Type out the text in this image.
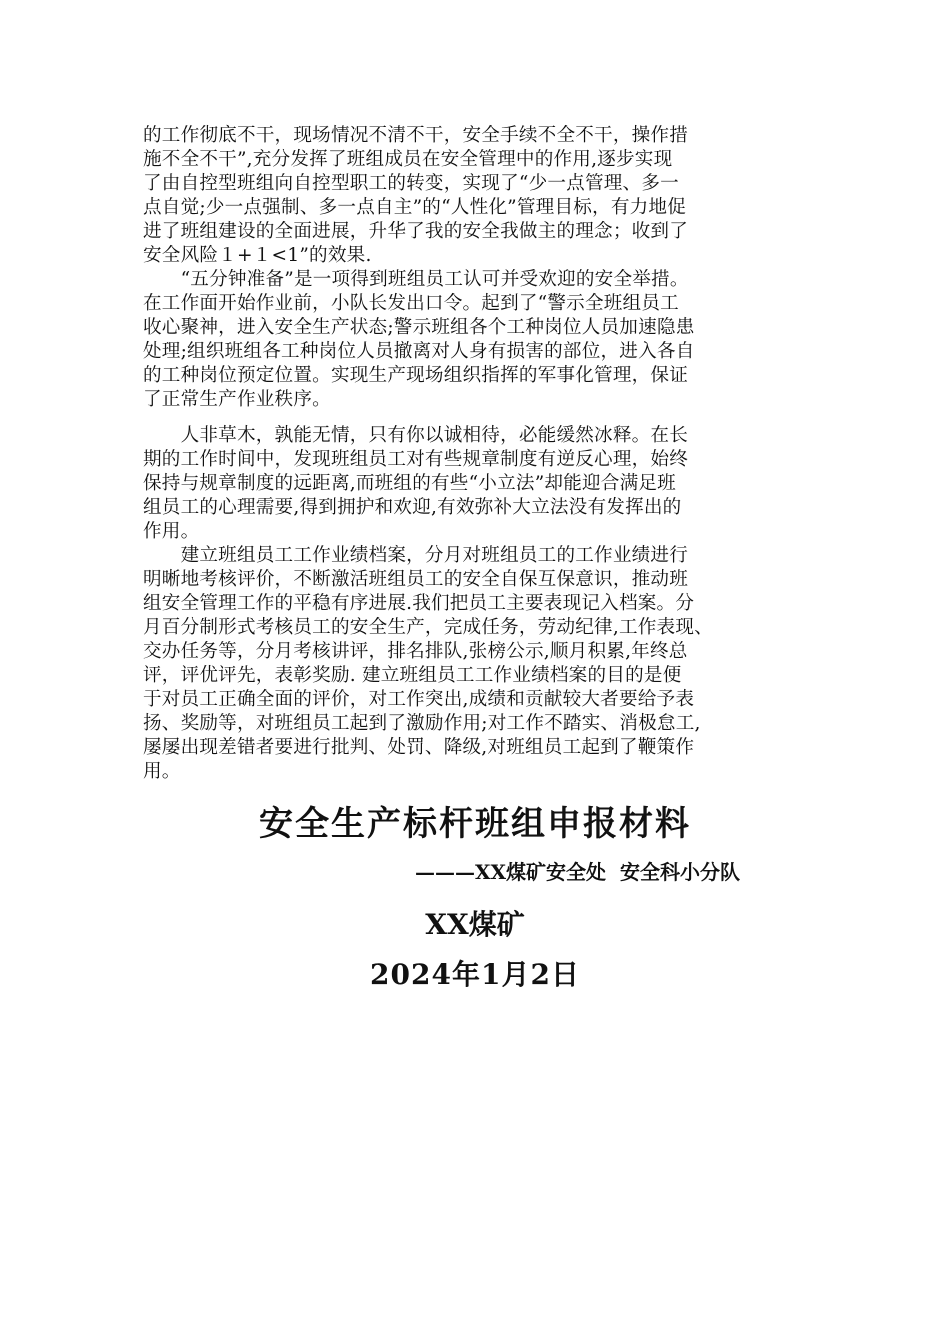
的工作彻底不干，现场情况不清不干，安全手续不全不干，操作措
施不全不干”,充分发挥了班组成员在安全管理中的作用,逐步实现
了由自控型班组向自控型职工的转变，实现了“少一点管理、多一
点自觉;少一点强制、多一点自主”的“人性化”管理目标，有力地促
进了班组建设的全面进展，升华了我的安全我做主的理念；收到了
安全风险１+１<1”的效果.
　　“五分钟准备”是一项得到班组员工认可并受欢迎的安全举措。
在工作面开始作业前，小队长发出口令。起到了“警示全班组员工
收心聚神，进入安全生产状态;警示班组各个工种岗位人员加速隐患
处理;组织班组各工种岗位人员撤离对人身有损害的部位，进入各自
的工种岗位预定位置。实现生产现场组织指挥的军事化管理，保证
了正常生产作业秩序。
　　人非草木，孰能无情，只有你以诚相待，必能缓然冰释。在长
期的工作时间中，发现班组员工对有些规章制度有逆反心理，始终
保持与规章制度的远距离,而班组的有些“小立法”却能迎合满足班
组员工的心理需要,得到拥护和欢迎,有效弥补大立法没有发挥出的
作用。
　　建立班组员工工作业绩档案，分月对班组员工的工作业绩进行
明晰地考核评价，不断激活班组员工的安全自保互保意识，推动班
组安全管理工作的平稳有序进展.我们把员工主要表现记入档案。分
月百分制形式考核员工的安全生产，完成任务，劳动纪律,工作表现、
交办任务等，分月考核讲评，排名排队,张榜公示,顺月积累,年终总
评，评优评先，表彰奖励. 建立班组员工工作业绩档案的目的是便
于对员工正确全面的评价，对工作突出,成绩和贡献较大者要给予表
扬、奖励等，对班组员工起到了激励作用;对工作不踏实、消极怠工,
屡屡出现差错者要进行批判、处罚、降级,对班组员工起到了鞭策作
用。
安全生产标杆班组申报材料
———XX煤矿安全处  安全科小分队
XX煤矿
2024年1月2日
